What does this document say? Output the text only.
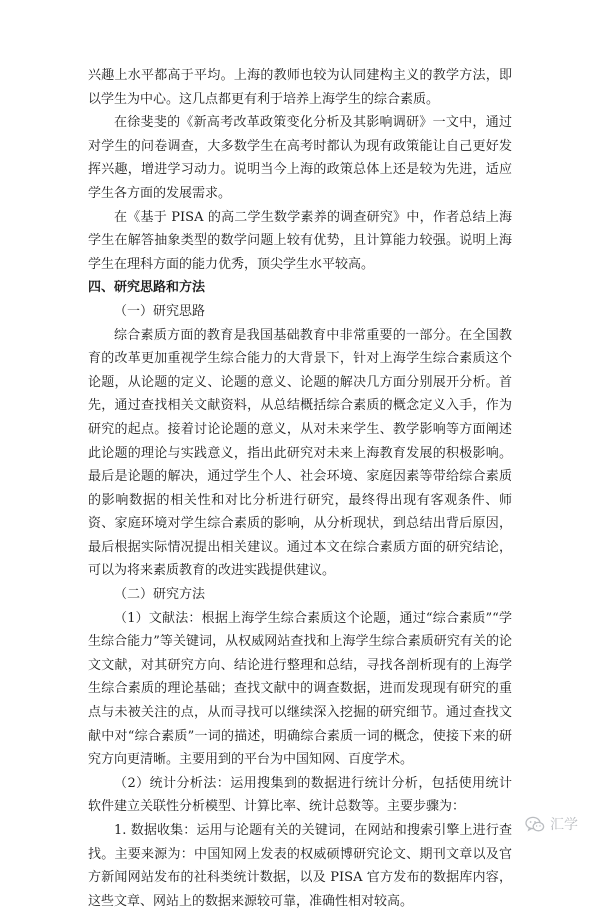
兴趣上水平都高于平均。上海的教师也较为认同建构主义的教学方法，即以学生为中心。这几点都更有利于培养上海学生的综合素质。

在徐斐斐的《新高考改革政策变化分析及其影响调研》一文中，通过对学生的问卷调查，大多数学生在高考时都认为现有政策能让自己更好发挥兴趣，增进学习动力。说明当今上海的政策总体上还是较为先进，适应学生各方面的发展需求。

在《基于 PISA 的高二学生数学素养的调查研究》中，作者总结上海学生在解答抽象类型的数学问题上较有优势，且计算能力较强。说明上海学生在理科方面的能力优秀，顶尖学生水平较高。

四、研究思路和方法

（一）研究思路

综合素质方面的教育是我国基础教育中非常重要的一部分。在全国教育的改革更加重视学生综合能力的大背景下，针对上海学生综合素质这个论题，从论题的定义、论题的意义、论题的解决几方面分别展开分析。首先，通过查找相关文献资料，从总结概括综合素质的概念定义入手，作为研究的起点。接着讨论论题的意义，从对未来学生、教学影响等方面阐述此论题的理论与实践意义，指出此研究对未来上海教育发展的积极影响。最后是论题的解决，通过学生个人、社会环境、家庭因素等带给综合素质的影响数据的相关性和对比分析进行研究，最终得出现有客观条件、师资、家庭环境对学生综合素质的影响，从分析现状，到总结出背后原因，最后根据实际情况提出相关建议。通过本文在综合素质方面的研究结论，可以为将来素质教育的改进实践提供建议。

（二）研究方法

（1）文献法：根据上海学生综合素质这个论题，通过“综合素质”“学生综合能力”等关键词，从权威网站查找和上海学生综合素质研究有关的论文文献，对其研究方向、结论进行整理和总结，寻找各剖析现有的上海学生综合素质的理论基础；查找文献中的调查数据，进而发现现有研究的重点与未被关注的点，从而寻找可以继续深入挖掘的研究细节。通过查找文献中对“综合素质”一词的描述，明确综合素质一词的概念，使接下来的研究方向更清晰。主要用到的平台为中国知网、百度学术。

（2）统计分析法：运用搜集到的数据进行统计分析，包括使用统计软件建立关联性分析模型、计算比率、统计总数等。主要步骤为：

1. 数据收集：运用与论题有关的关键词，在网站和搜索引擎上进行查找。主要来源为：中国知网上发表的权威硕博研究论文、期刊文章以及官方新闻网站发布的社科类统计数据，以及 PISA 官方发布的数据库内容，这些文章、网站上的数据来源较可靠，准确性相对较高。

汇学
